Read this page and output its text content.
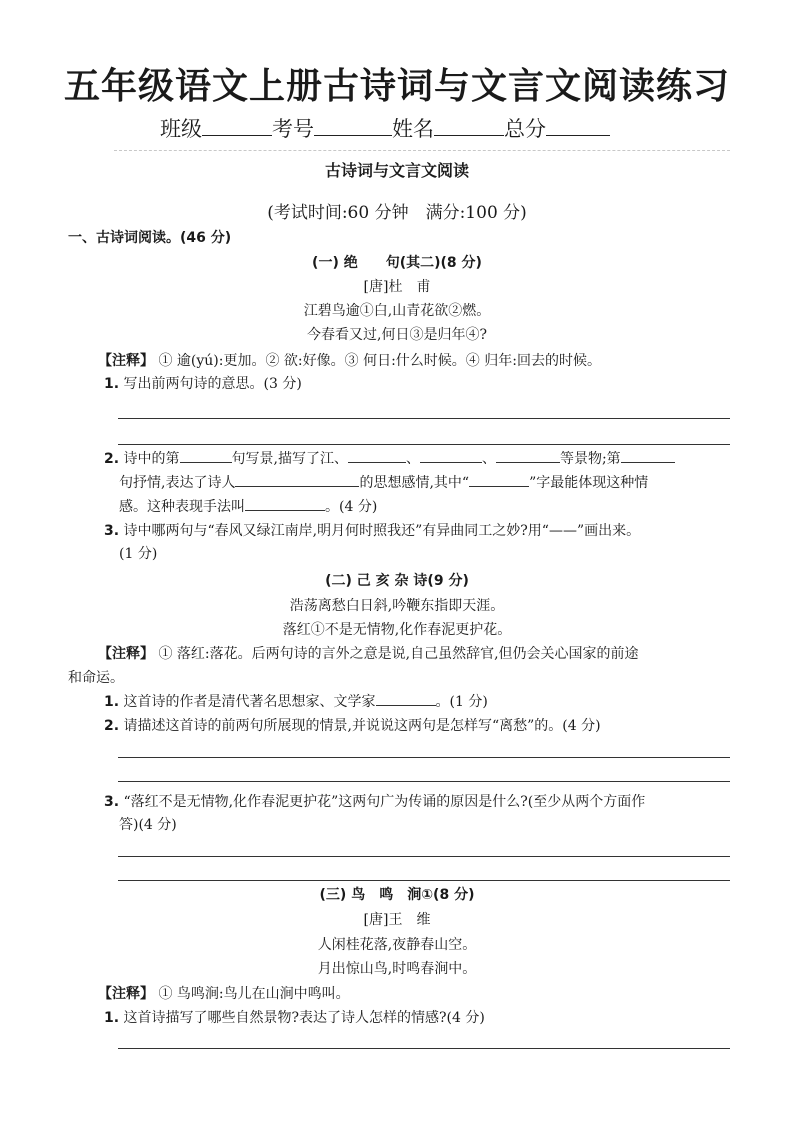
五年级语文上册古诗词与文言文阅读练习
班级	考号	姓名	总分
古诗词与文言文阅读
(考试时间:60 分钟　满分:100 分)
一、古诗词阅读。(46 分)
(一) 绝　　句(其二)(8 分)
[唐]杜　甫
江碧鸟逾①白,山青花欲②燃。
今春看又过,何日③是归年④?
【注释】 ① 逾(yú):更加。② 欲:好像。③ 何日:什么时候。④ 归年:回去的时候。
1. 写出前两句诗的意思。(3 分)
2. 诗中的第	句写景,描写了江、	、	、	等景物;第
句抒情,表达了诗人	的思想感情,其中“	”字最能体现这种情
感。这种表现手法叫	。(4 分)
3. 诗中哪两句与“春风又绿江南岸,明月何时照我还”有异曲同工之妙?用“——”画出来。
(1 分)
(二) 己 亥 杂 诗(9 分)
浩荡离愁白日斜,吟鞭东指即天涯。
落红①不是无情物,化作春泥更护花。
【注释】 ① 落红:落花。后两句诗的言外之意是说,自己虽然辞官,但仍会关心国家的前途
和命运。
1. 这首诗的作者是清代著名思想家、文学家	。(1 分)
2. 请描述这首诗的前两句所展现的情景,并说说这两句是怎样写“离愁”的。(4 分)
3. “落红不是无情物,化作春泥更护花”这两句广为传诵的原因是什么?(至少从两个方面作
答)(4 分)
(三) 鸟　鸣　涧①(8 分)
[唐]王　维
人闲桂花落,夜静春山空。
月出惊山鸟,时鸣春涧中。
【注释】 ① 鸟鸣涧:鸟儿在山涧中鸣叫。
1. 这首诗描写了哪些自然景物?表达了诗人怎样的情感?(4 分)
